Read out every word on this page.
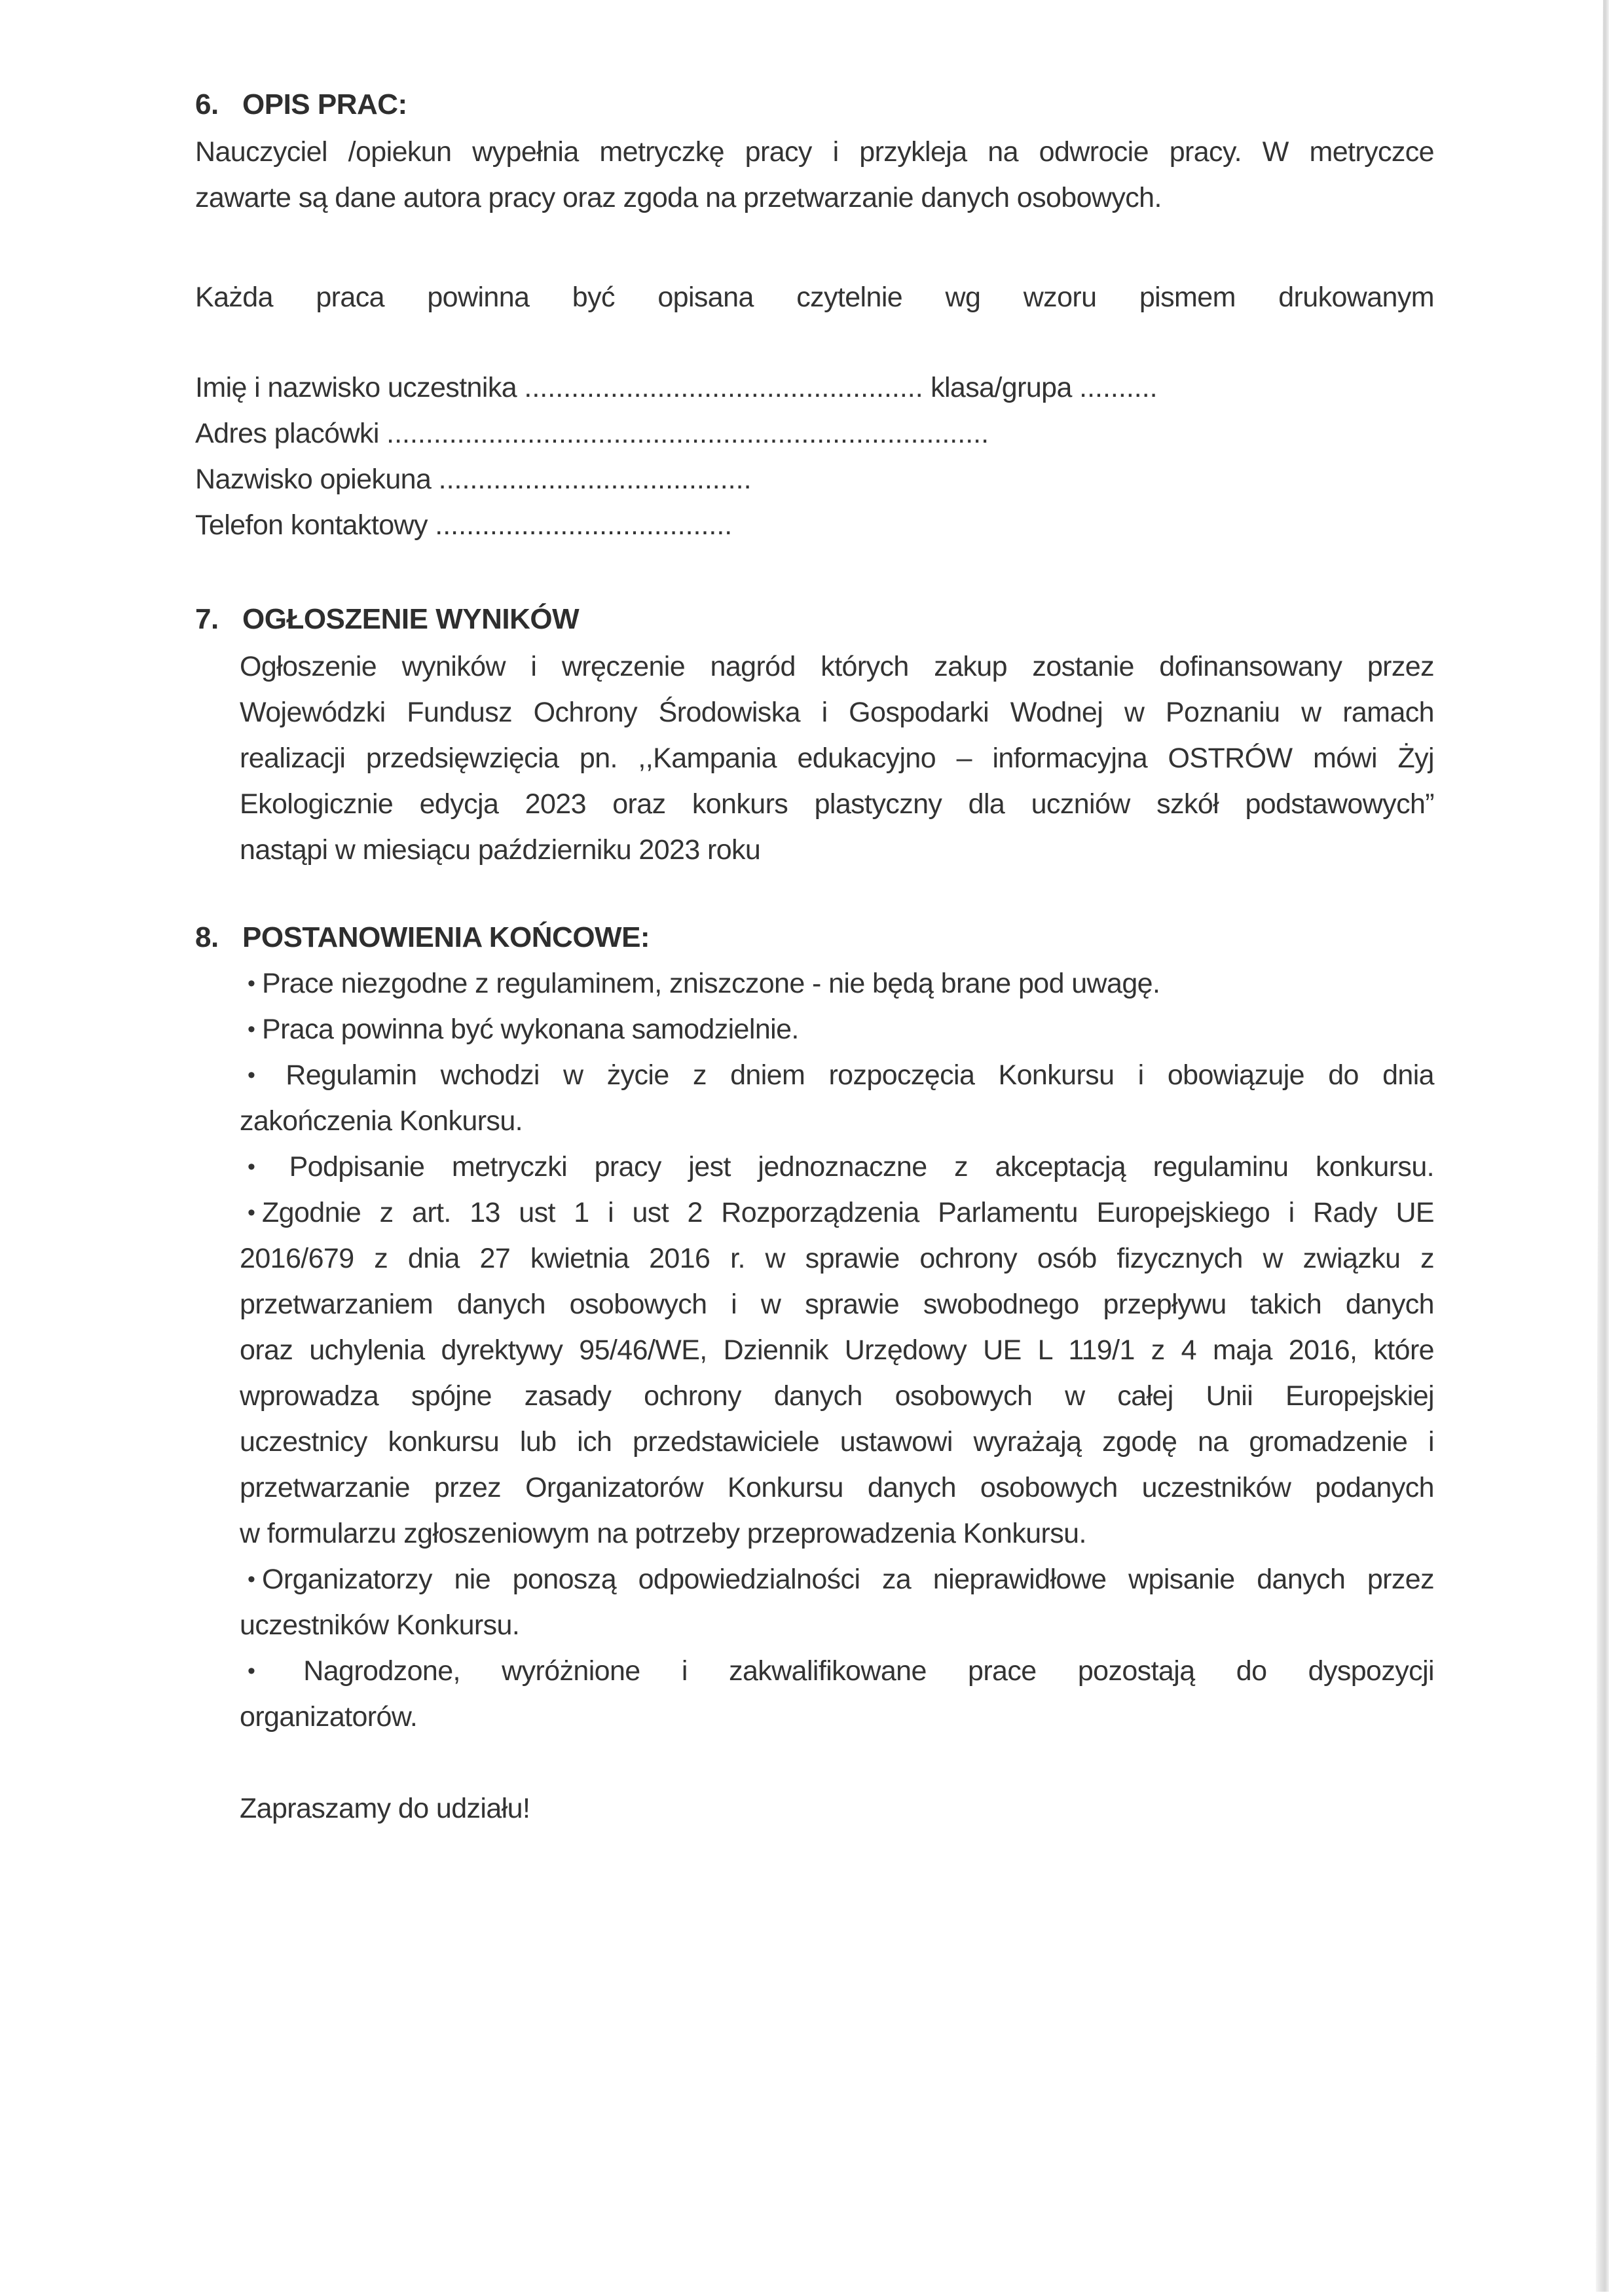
6. OPIS PRAC:
Nauczyciel /opiekun wypełnia metryczkę pracy i przykleja na odwrocie pracy. W metryczce
zawarte są dane autora pracy oraz zgoda na przetwarzanie danych osobowych.
Każda praca powinna być opisana czytelnie wg wzoru pismem drukowanym
Imię i nazwisko uczestnika ................................................... klasa/grupa ..........
Adres placówki .............................................................................
Nazwisko opiekuna ........................................
Telefon kontaktowy ......................................
7. OGŁOSZENIE WYNIKÓW
Ogłoszenie wyników i wręczenie nagród których zakup zostanie dofinansowany przez
Wojewódzki Fundusz Ochrony Środowiska i Gospodarki Wodnej w Poznaniu w ramach
realizacji przedsięwzięcia pn. ,,Kampania edukacyjno – informacyjna OSTRÓW mówi Żyj
Ekologicznie edycja 2023 oraz konkurs plastyczny dla uczniów szkół podstawowych”
nastąpi w miesiącu październiku 2023 roku
8. POSTANOWIENIA KOŃCOWE:
• Prace niezgodne z regulaminem, zniszczone - nie będą brane pod uwagę.
• Praca powinna być wykonana samodzielnie.
• Regulamin wchodzi w życie z dniem rozpoczęcia Konkursu i obowiązuje do dnia
zakończenia Konkursu.
• Podpisanie metryczki pracy jest jednoznaczne z akceptacją regulaminu konkursu.
• Zgodnie z art. 13 ust 1 i ust 2 Rozporządzenia Parlamentu Europejskiego i Rady UE
2016/679 z dnia 27 kwietnia 2016 r. w sprawie ochrony osób fizycznych w związku z
przetwarzaniem danych osobowych i w sprawie swobodnego przepływu takich danych
oraz uchylenia dyrektywy 95/46/WE, Dziennik Urzędowy UE L 119/1 z 4 maja 2016, które
wprowadza spójne zasady ochrony danych osobowych w całej Unii Europejskiej
uczestnicy konkursu lub ich przedstawiciele ustawowi wyrażają zgodę na gromadzenie i
przetwarzanie przez Organizatorów Konkursu danych osobowych uczestników podanych
w formularzu zgłoszeniowym na potrzeby przeprowadzenia Konkursu.
• Organizatorzy nie ponoszą odpowiedzialności za nieprawidłowe wpisanie danych przez
uczestników Konkursu.
• Nagrodzone, wyróżnione i zakwalifikowane prace pozostają do dyspozycji
organizatorów.
Zapraszamy do udziału!
